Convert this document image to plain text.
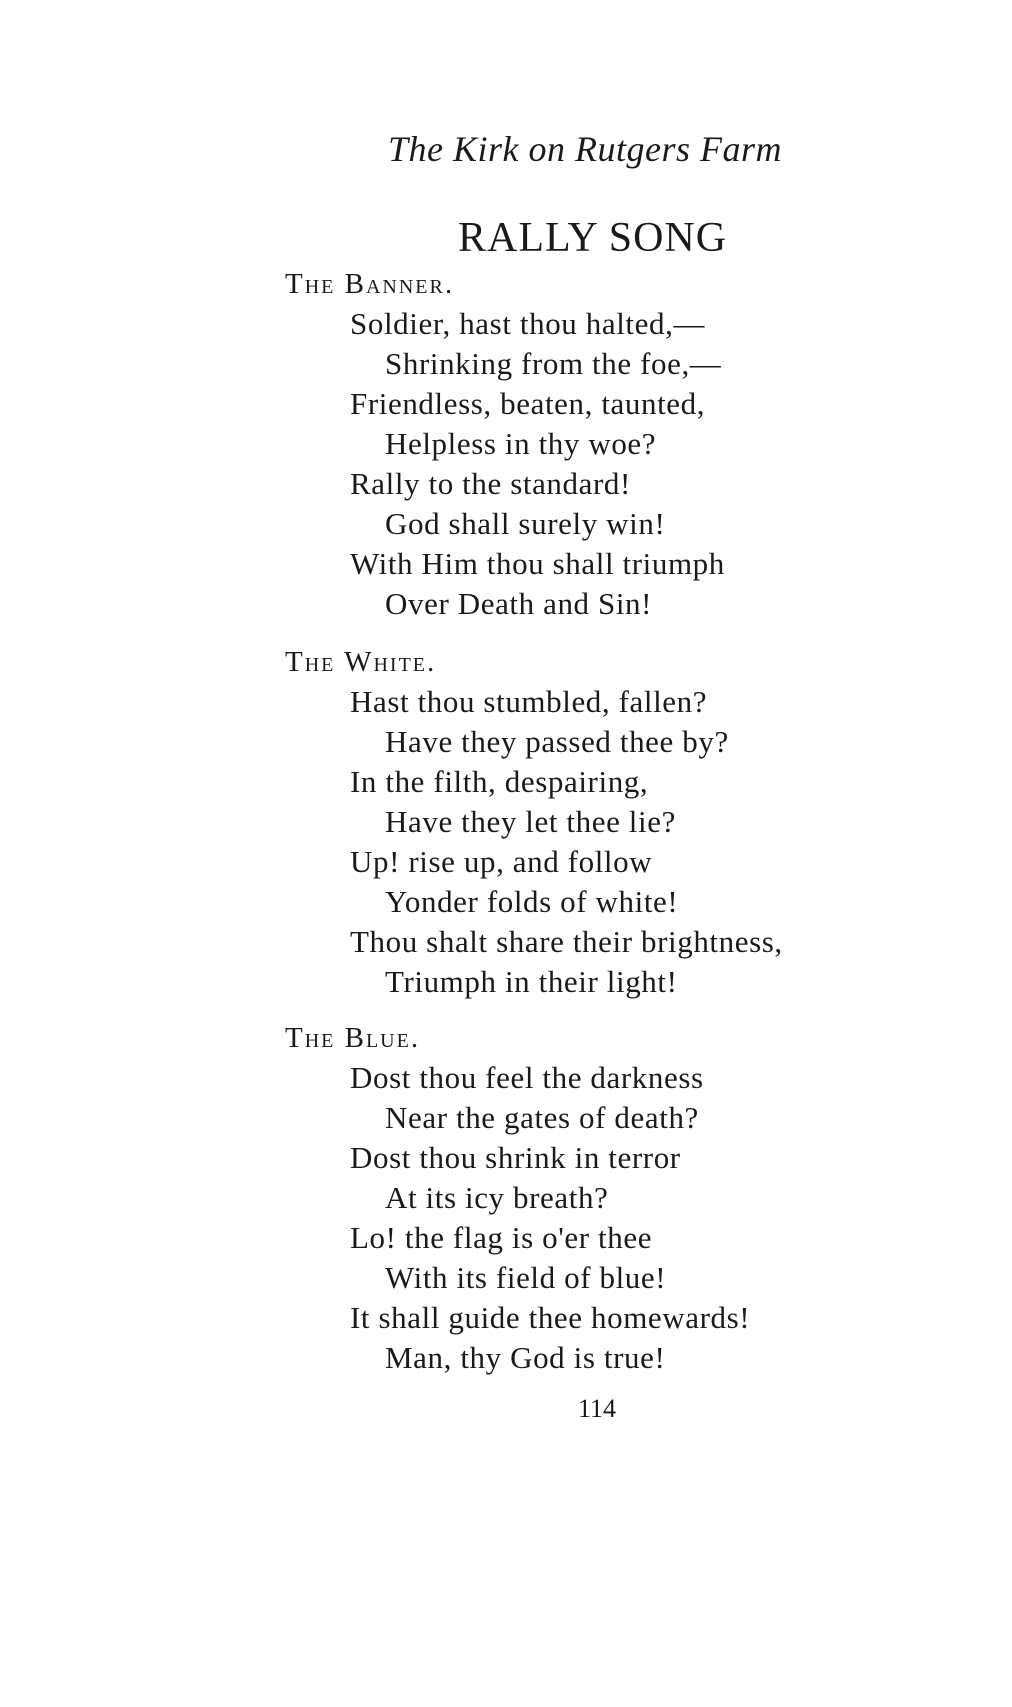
The Kirk on Rutgers Farm
RALLY SONG
The Banner.
Soldier, hast thou halted,—
Shrinking from the foe,—
Friendless, beaten, taunted,
Helpless in thy woe?
Rally to the standard!
God shall surely win!
With Him thou shall triumph
Over Death and Sin!
The White.
Hast thou stumbled, fallen?
Have they passed thee by?
In the filth, despairing,
Have they let thee lie?
Up! rise up, and follow
Yonder folds of white!
Thou shalt share their brightness,
Triumph in their light!
The Blue.
Dost thou feel the darkness
Near the gates of death?
Dost thou shrink in terror
At its icy breath?
Lo! the flag is o'er thee
With its field of blue!
It shall guide thee homewards!
Man, thy God is true!
114
